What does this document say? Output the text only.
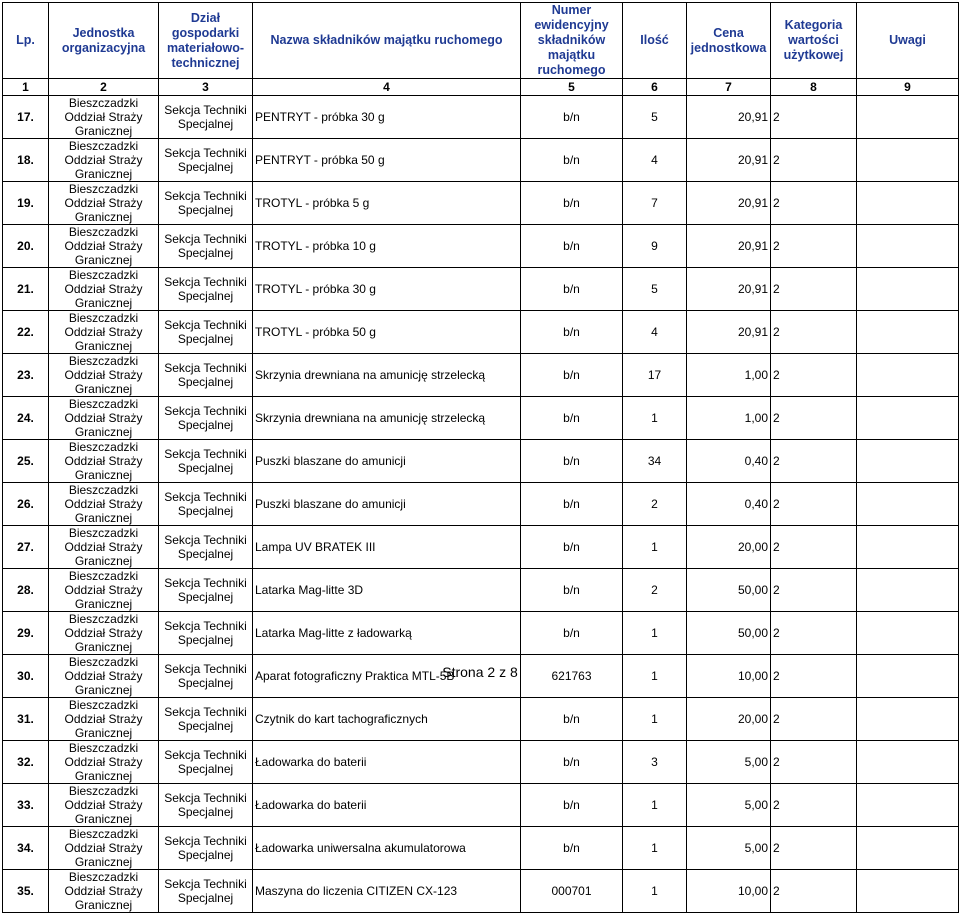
Lp.	Jednostka organizacyjna	Dział gospodarki materiałowo-technicznej	Nazwa składników majątku ruchomego	Numer ewidencyjny składników majątku ruchomego	Ilość	Cena jednostkowa	Kategoria wartości użytkowej	Uwagi
1	2	3	4	5	6	7	8	9
17.	Bieszczadzki Oddział Straży Granicznej	Sekcja Techniki Specjalnej	PENTRYT - próbka 30 g	b/n	5	20,91	2	
18.	Bieszczadzki Oddział Straży Granicznej	Sekcja Techniki Specjalnej	PENTRYT - próbka 50 g	b/n	4	20,91	2	
19.	Bieszczadzki Oddział Straży Granicznej	Sekcja Techniki Specjalnej	TROTYL - próbka 5 g	b/n	7	20,91	2	
20.	Bieszczadzki Oddział Straży Granicznej	Sekcja Techniki Specjalnej	TROTYL - próbka 10 g	b/n	9	20,91	2	
21.	Bieszczadzki Oddział Straży Granicznej	Sekcja Techniki Specjalnej	TROTYL - próbka 30 g	b/n	5	20,91	2	
22.	Bieszczadzki Oddział Straży Granicznej	Sekcja Techniki Specjalnej	TROTYL - próbka 50 g	b/n	4	20,91	2	
23.	Bieszczadzki Oddział Straży Granicznej	Sekcja Techniki Specjalnej	Skrzynia drewniana na amunicję strzelecką	b/n	17	1,00	2	
24.	Bieszczadzki Oddział Straży Granicznej	Sekcja Techniki Specjalnej	Skrzynia drewniana na amunicję strzelecką	b/n	1	1,00	2	
25.	Bieszczadzki Oddział Straży Granicznej	Sekcja Techniki Specjalnej	Puszki blaszane do amunicji	b/n	34	0,40	2	
26.	Bieszczadzki Oddział Straży Granicznej	Sekcja Techniki Specjalnej	Puszki blaszane do amunicji	b/n	2	0,40	2	
27.	Bieszczadzki Oddział Straży Granicznej	Sekcja Techniki Specjalnej	Lampa UV BRATEK III	b/n	1	20,00	2	
28.	Bieszczadzki Oddział Straży Granicznej	Sekcja Techniki Specjalnej	Latarka Mag-litte 3D	b/n	2	50,00	2	
29.	Bieszczadzki Oddział Straży Granicznej	Sekcja Techniki Specjalnej	Latarka Mag-litte z ładowarką	b/n	1	50,00	2	
30.	Bieszczadzki Oddział Straży Granicznej	Sekcja Techniki Specjalnej	Aparat fotograficzny Praktica MTL-5B	621763	1	10,00	2	
31.	Bieszczadzki Oddział Straży Granicznej	Sekcja Techniki Specjalnej	Czytnik do kart tachograficznych	b/n	1	20,00	2	
32.	Bieszczadzki Oddział Straży Granicznej	Sekcja Techniki Specjalnej	Ładowarka do baterii	b/n	3	5,00	2	
33.	Bieszczadzki Oddział Straży Granicznej	Sekcja Techniki Specjalnej	Ładowarka do baterii	b/n	1	5,00	2	
34.	Bieszczadzki Oddział Straży Granicznej	Sekcja Techniki Specjalnej	Ładowarka uniwersalna akumulatorowa	b/n	1	5,00	2	
35.	Bieszczadzki Oddział Straży Granicznej	Sekcja Techniki Specjalnej	Maszyna do liczenia CITIZEN CX-123	000701	1	10,00	2	
Strona 2 z 8
